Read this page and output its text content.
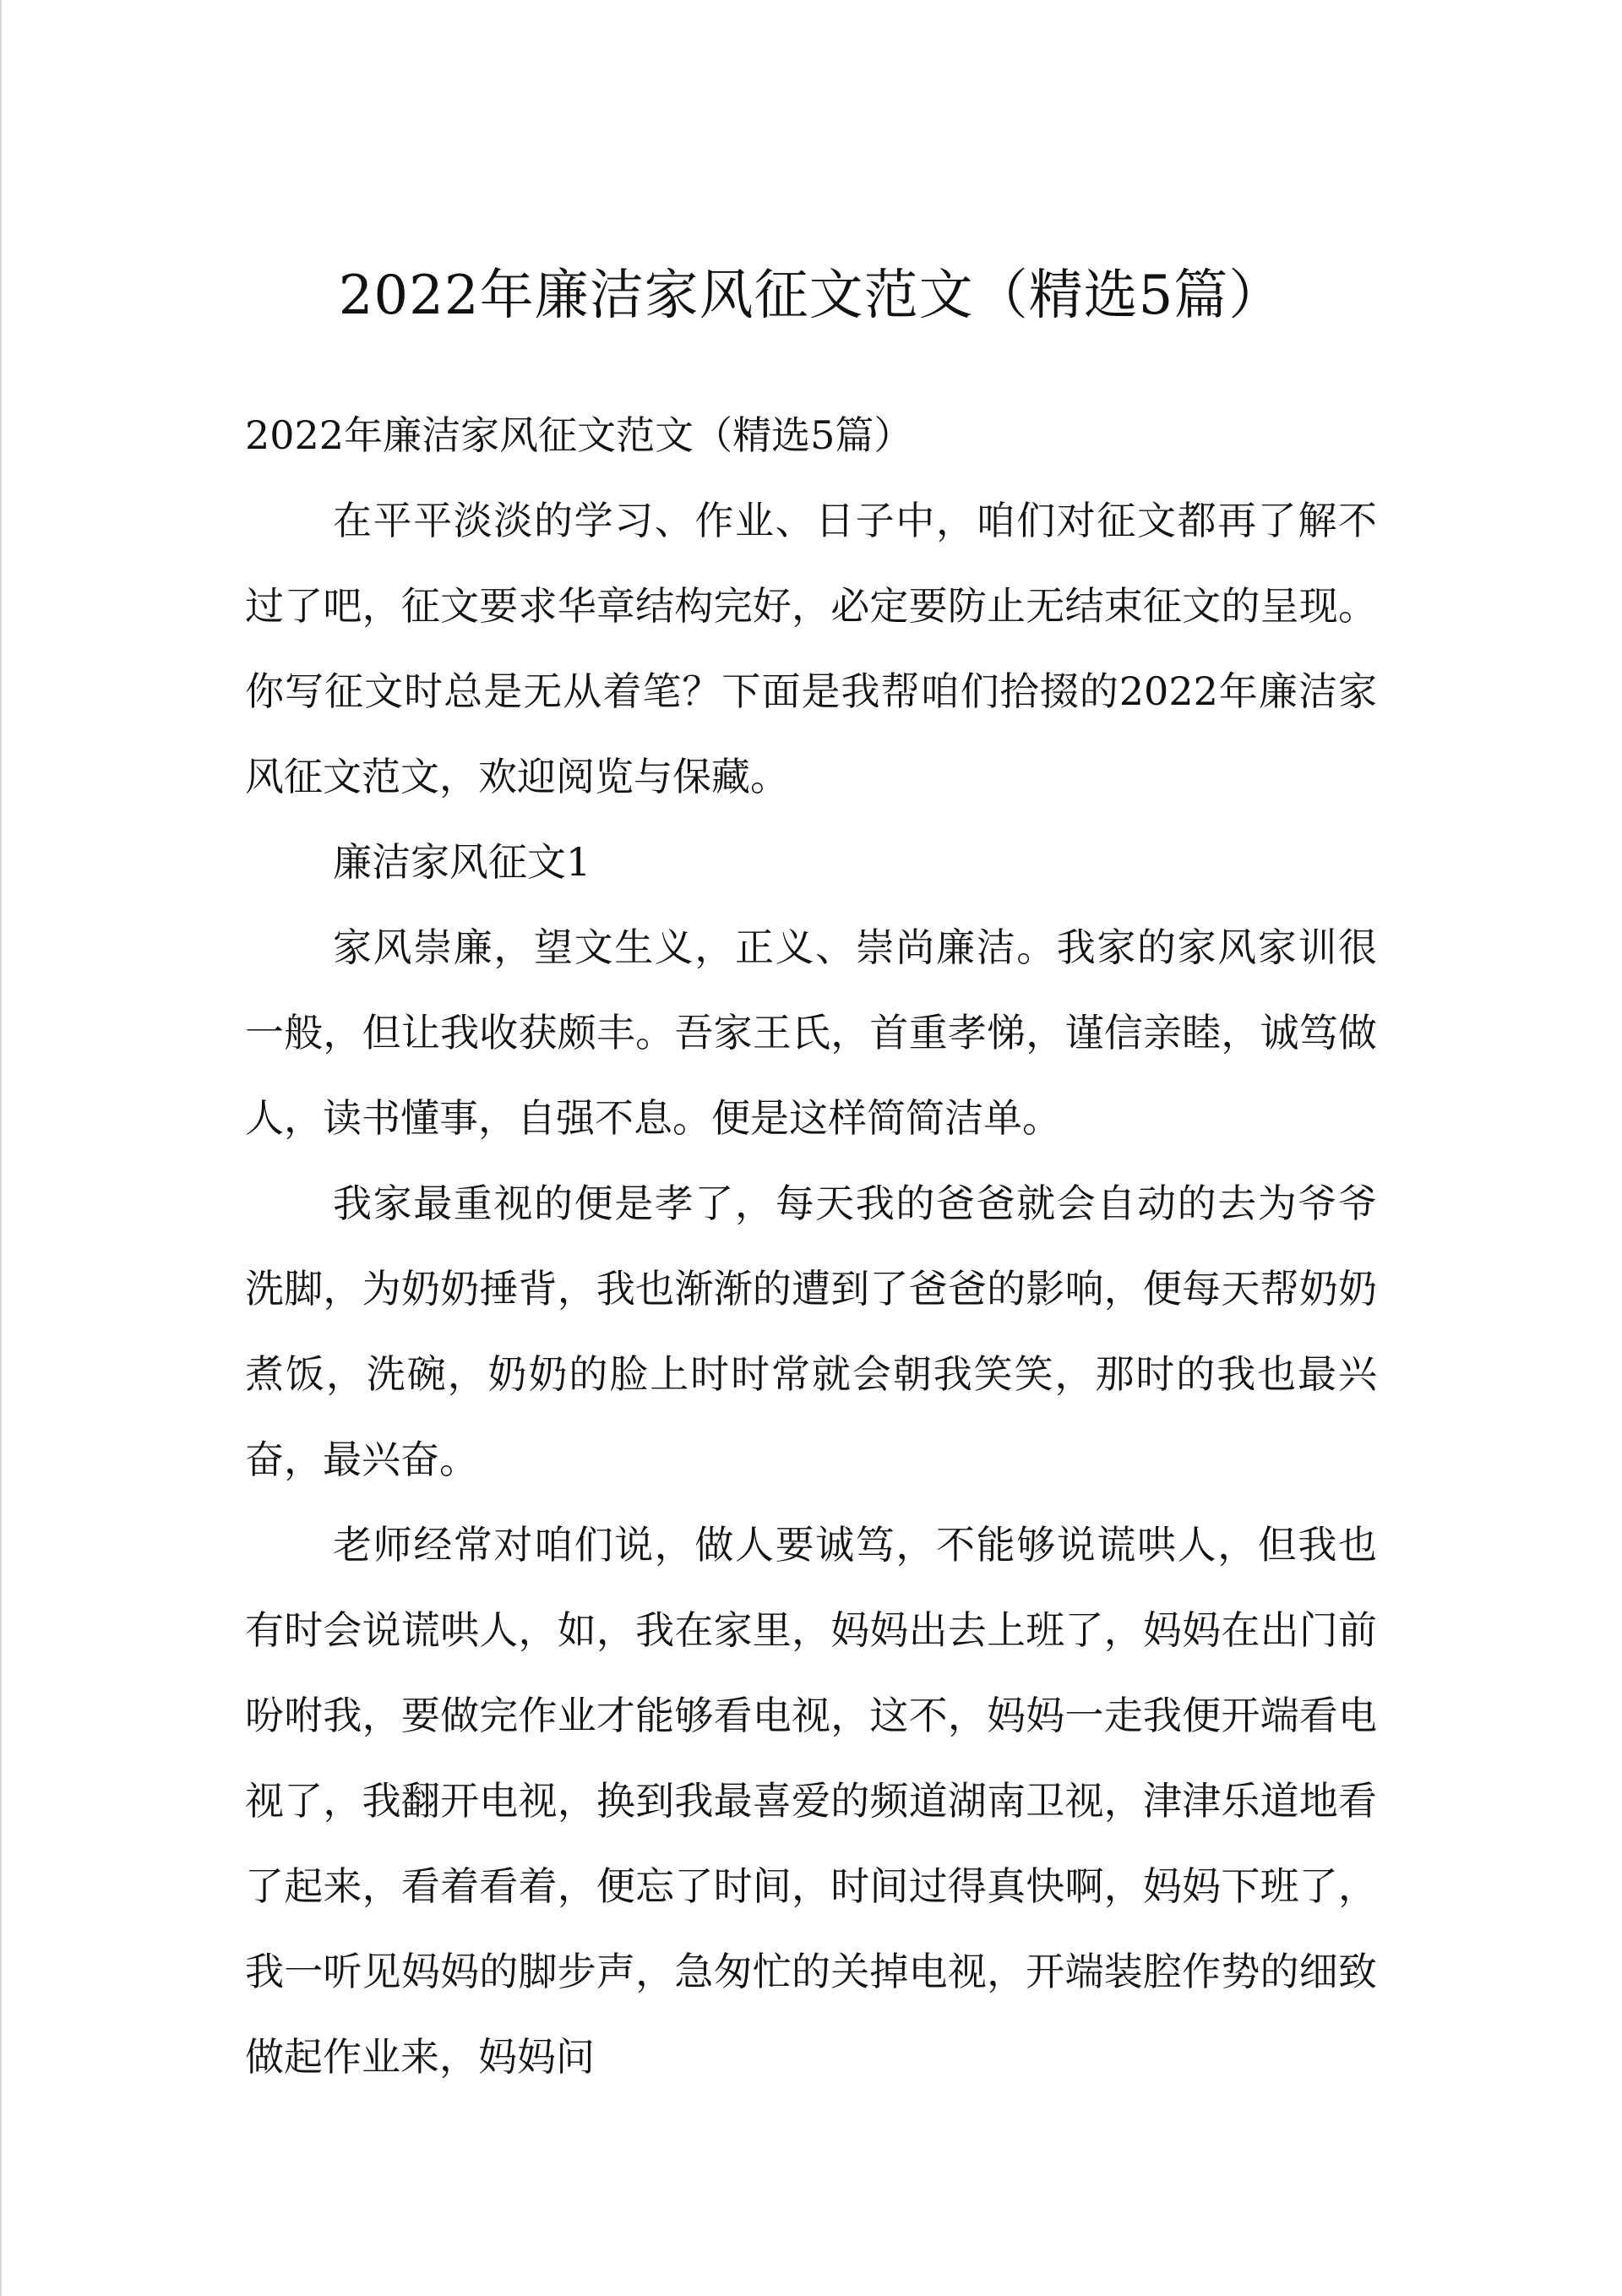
2022年廉洁家风征文范文（精选5篇）

2022年廉洁家风征文范文（精选5篇）

在平平淡淡的学习、作业、日子中，咱们对征文都再了解不过了吧，征文要求华章结构完好，必定要防止无结束征文的呈现。你写征文时总是无从着笔？下面是我帮咱们拾掇的2022年廉洁家风征文范文，欢迎阅览与保藏。

廉洁家风征文1

家风崇廉，望文生义，正义、崇尚廉洁。我家的家风家训很一般，但让我收获颇丰。吾家王氏，首重孝悌，谨信亲睦，诚笃做人，读书懂事，自强不息。便是这样简简洁单。

我家最重视的便是孝了，每天我的爸爸就会自动的去为爷爷洗脚，为奶奶捶背，我也渐渐的遭到了爸爸的影响，便每天帮奶奶煮饭，洗碗，奶奶的脸上时时常就会朝我笑笑，那时的我也最兴奋，最兴奋。

老师经常对咱们说，做人要诚笃，不能够说谎哄人，但我也有时会说谎哄人，如，我在家里，妈妈出去上班了，妈妈在出门前吩咐我，要做完作业才能够看电视，这不，妈妈一走我便开端看电视了，我翻开电视，换到我最喜爱的频道湖南卫视，津津乐道地看了起来，看着看着，便忘了时间，时间过得真快啊，妈妈下班了，我一听见妈妈的脚步声，急匆忙的关掉电视，开端装腔作势的细致做起作业来，妈妈问
